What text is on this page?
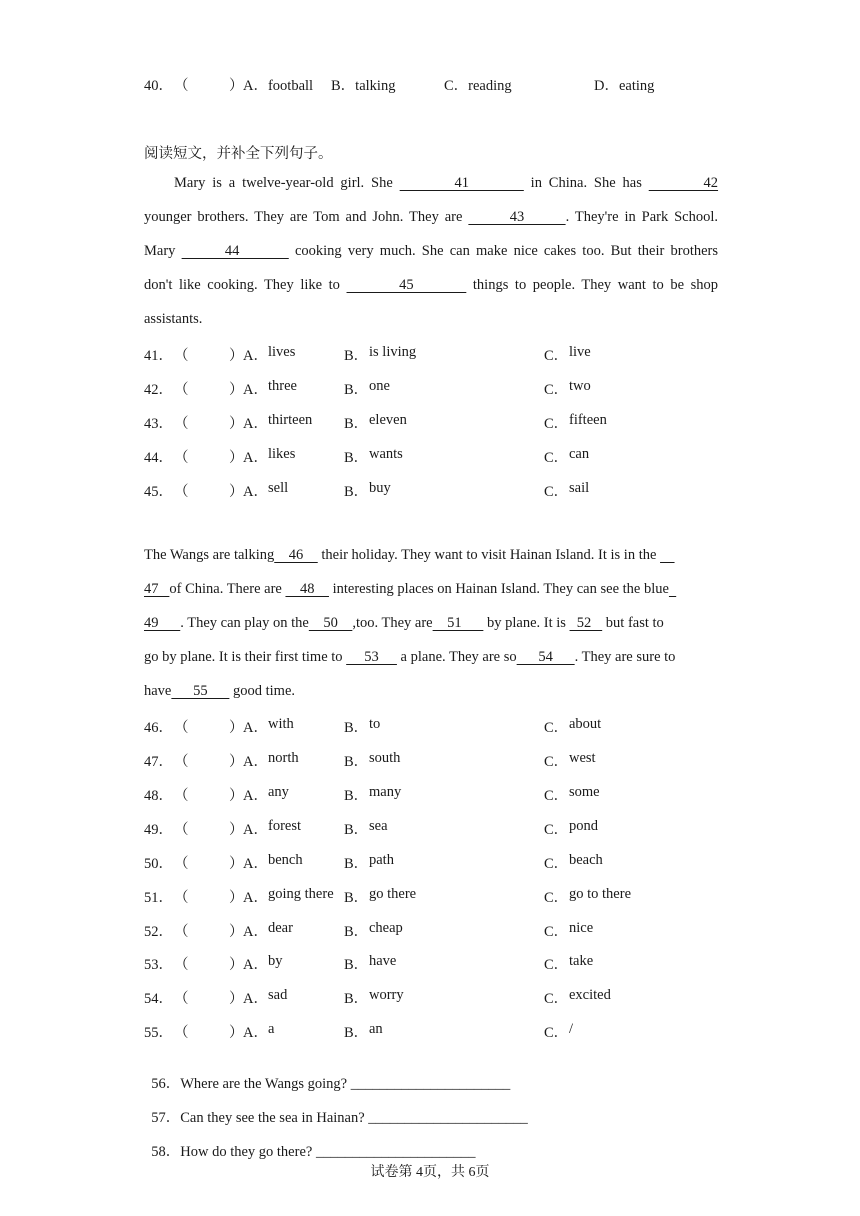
40． （	） A．football B．talking	C．reading	D．eating
阅读短文，并补全下列句子。
Mary is a twelve-year-old girl. She         41         in China. She has         42
younger brothers. They are Tom and John. They are        43       . They're in Park School.
Mary        44         cooking very much. She can make nice cakes too. But their brothers
don't like cooking. They like to         45         things to people. They want to be shop
assistants.
41． （	） A． lives	B． is living	C． live
42． （	） A． three	B． one	C． two
43． （	） A． thirteen B． eleven	C． fifteen
44． （	） A． likes	B． wants	C． can
45． （	） A． sell	B． buy	C． sail
The Wangs are talking    46     their holiday. They want to visit Hainan Island. It is in the
47   of China. There are     48     interesting places on Hainan Island. They can see the blue
49      . They can play on the    50    ,too. They are    51       by plane. It is   52    but fast to
go by plane. It is their first time to      53      a plane. They are so      54      . They are sure to
have      55       good time.
46． （	） A． with	B． to	C． about
47． （	） A． north	B． south	C． west
48． （	） A． any	B． many	C． some
49． （	） A． forest	B． sea	C． pond
50． （	） A． bench	B． path	C． beach
51． （	） A． going there B． go there	C． go to there
52． （	） A． dear	B． cheap	C． nice
53． （	） A． by	B． have	C． take
54． （	） A． sad	B． worry	C． excited
55． （	） A． a	B． an	C． /

56．Where are the Wangs going? ______________________

57．Can they see the sea in Hainan? ______________________

58．How do they go there? ______________________

试卷第 4页，共 6页
